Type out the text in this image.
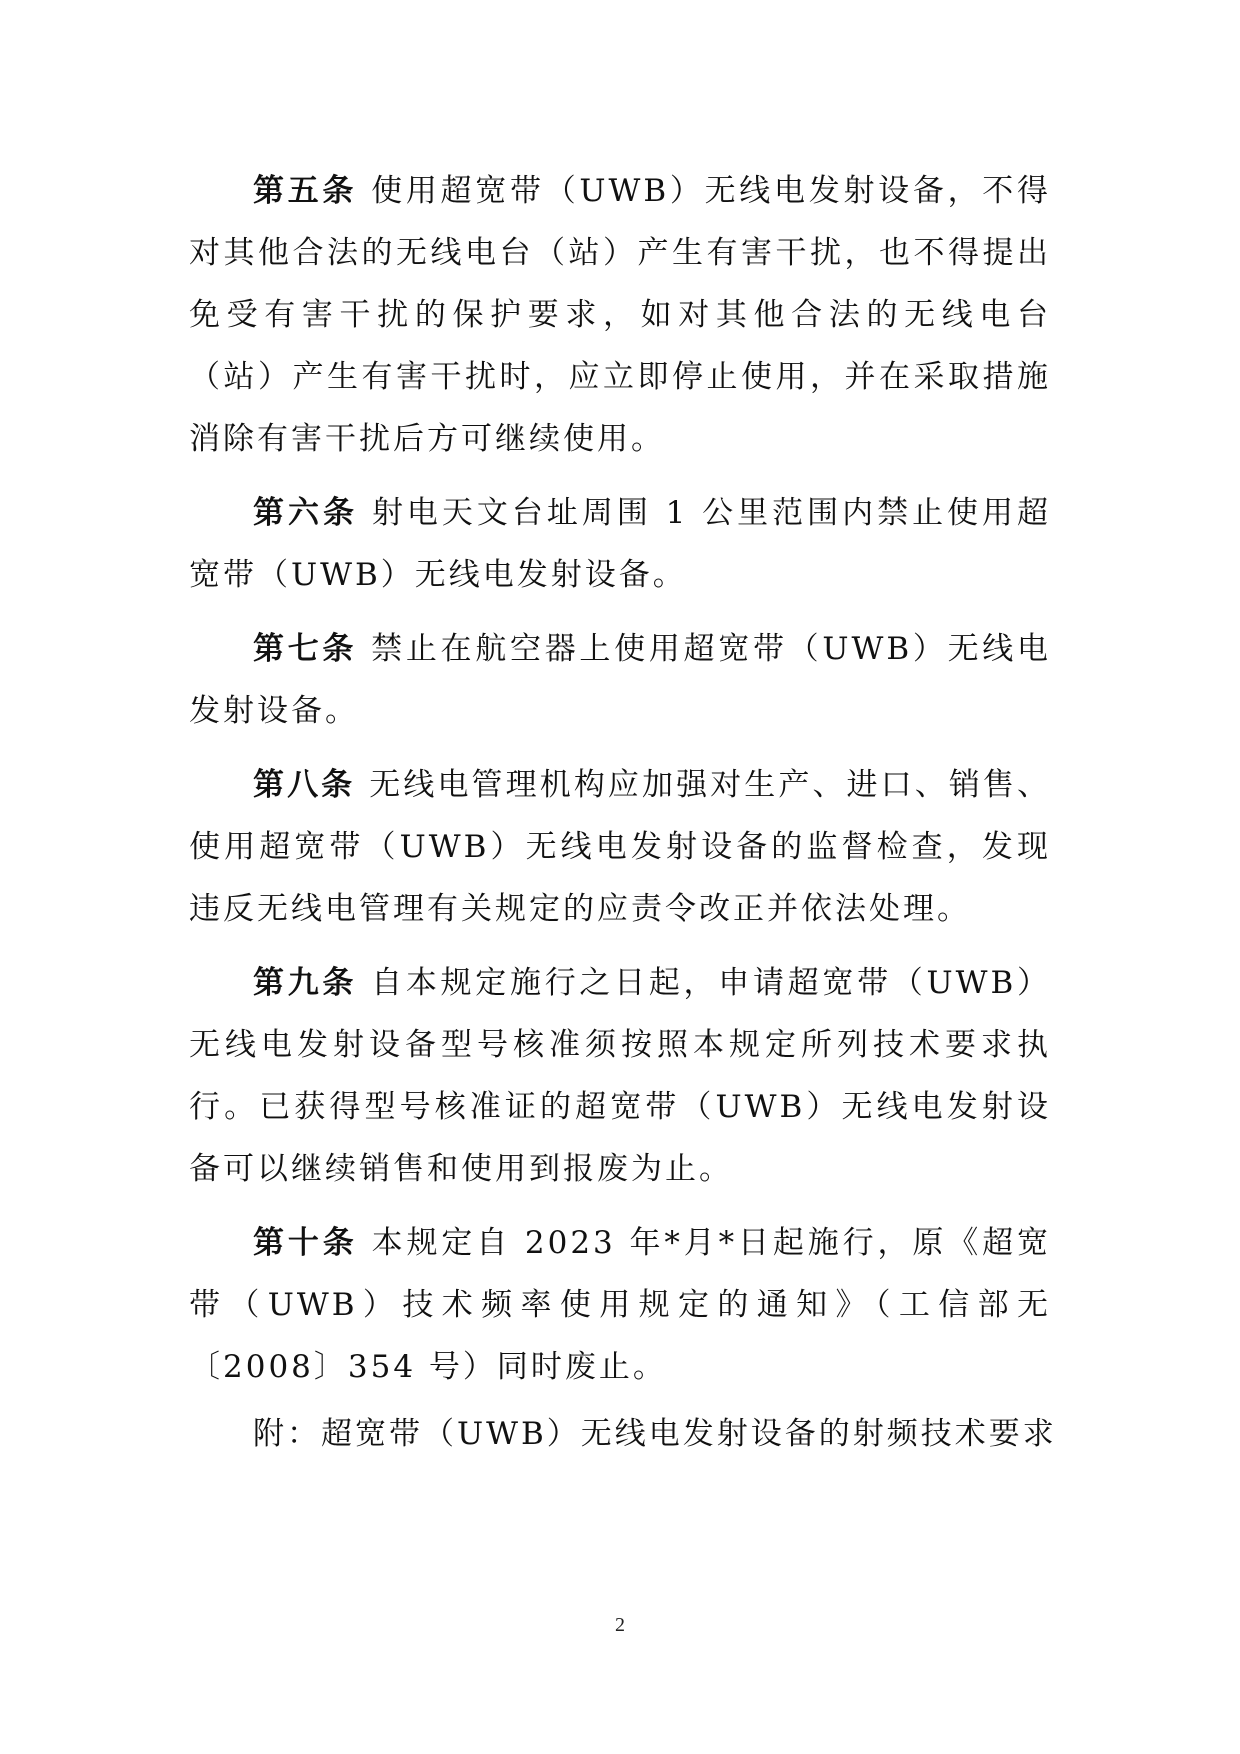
第五条 使用超宽带（UWB）无线电发射设备，不得对其他合法的无线电台（站）产生有害干扰，也不得提出免受有害干扰的保护要求，如对其他合法的无线电台（站）产生有害干扰时，应立即停止使用，并在采取措施消除有害干扰后方可继续使用。

第六条 射电天文台址周围 1 公里范围内禁止使用超宽带（UWB）无线电发射设备。

第七条 禁止在航空器上使用超宽带（UWB）无线电发射设备。

第八条 无线电管理机构应加强对生产、进口、销售、使用超宽带（UWB）无线电发射设备的监督检查，发现违反无线电管理有关规定的应责令改正并依法处理。

第九条 自本规定施行之日起，申请超宽带（UWB）无线电发射设备型号核准须按照本规定所列技术要求执行。已获得型号核准证的超宽带（UWB）无线电发射设备可以继续销售和使用到报废为止。

第十条 本规定自 2023 年*月*日起施行，原《超宽带（UWB）技术频率使用规定的通知》（工信部无〔2008〕354 号）同时废止。

附：超宽带（UWB）无线电发射设备的射频技术要求
2
